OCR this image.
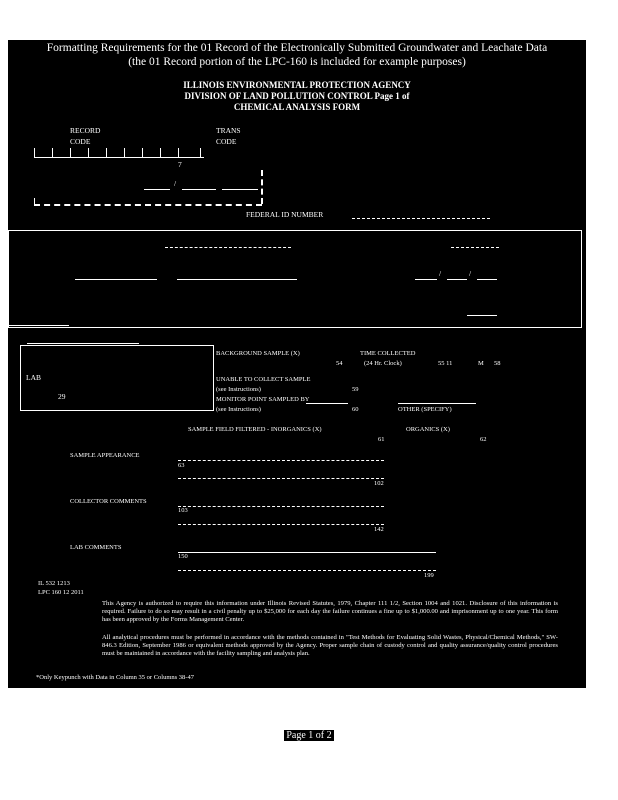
Formatting Requirements for the 01 Record of the Electronically Submitted Groundwater and Leachate Data
(the 01 Record portion of the LPC-160 is included for example purposes)
ILLINOIS ENVIRONMENTAL PROTECTION AGENCY
DIVISION OF LAND POLLUTION CONTROL Page 1 of
CHEMICAL ANALYSIS FORM
RECORD
CODE
TRANS
CODE
7
/
FEDERAL ID NUMBER
/	/
LAB
29
BACKGROUND SAMPLE (X)
54
TIME COLLECTED
(24 Hr. Clock)	55 11	M 58
UNABLE TO COLLECT SAMPLE
(see Instructions)	59
MONITOR POINT SAMPLED BY
(see Instructions)	60	OTHER (SPECIFY)
SAMPLE FIELD FILTERED - INORGANICS (X)
61
ORGANICS (X)
62
SAMPLE APPEARANCE
63
102
COLLECTOR COMMENTS
103
142
LAB COMMENTS
150
199
IL 532 1213
LPC 160 12 2011
This Agency is authorized to require this information under Illinois Revised Statutes, 1979, Chapter 111 1/2, Section 1004 and 1021. Disclosure of this information is required. Failure to do so may result in a civil penalty up to $25,000 for each day the failure continues a fine up to $1,000.00 and imprisonment up to one year. This form has been approved by the Forms Management Center.
All analytical procedures must be performed in accordance with the methods contained in "Test Methods for Evaluating Solid Wastes, Physical/Chemical Methods," SW-846.3 Edition, September 1986 or equivalent methods approved by the Agency. Proper sample chain of custody control and quality assurance/quality control procedures must be maintained in accordance with the facility sampling and analysis plan.
*Only Keypunch with Data in Column 35 or Columns 38-47
Page 1 of 2
